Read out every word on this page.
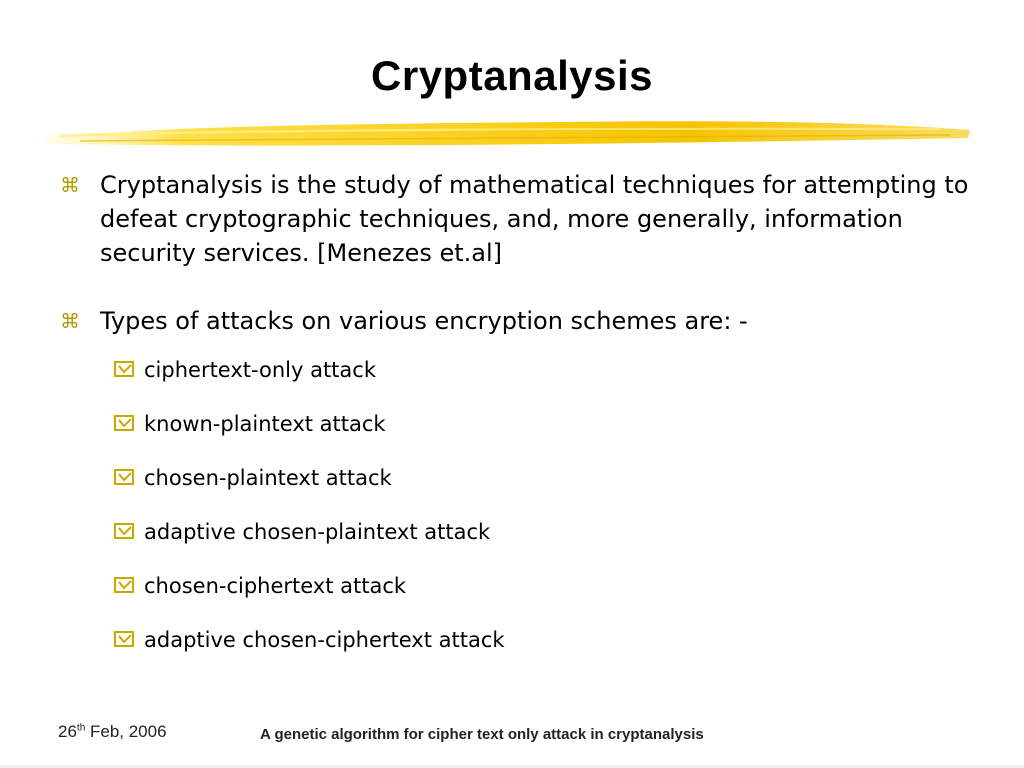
Cryptanalysis
⌘ Cryptanalysis is the study of mathematical techniques for attempting to defeat cryptographic techniques, and, more generally, information security services. [Menezes et.al]
⌘ Types of attacks on various encryption schemes are: -
ciphertext-only attack
known-plaintext attack
chosen-plaintext attack
adaptive chosen-plaintext attack
chosen-ciphertext attack
adaptive chosen-ciphertext attack
26th Feb, 2006	A genetic algorithm for cipher text only attack in cryptanalysis
